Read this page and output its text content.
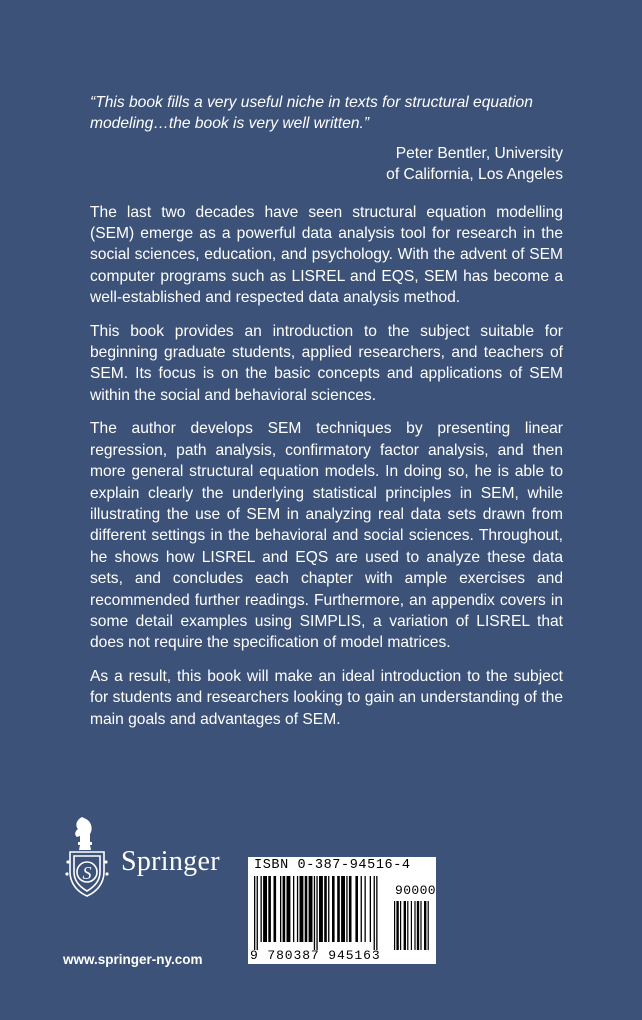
“This book fills a very useful niche in texts for structural equation modeling…the book is very well written.”

Peter Bentler, University
of California, Los Angeles

The last two decades have seen structural equation modelling (SEM) emerge as a powerful data analysis tool for research in the social sciences, education, and psychology. With the advent of SEM computer programs such as LISREL and EQS, SEM has become a well-established and respected data analysis method.

This book provides an introduction to the subject suitable for beginning graduate students, applied researchers, and teachers of SEM. Its focus is on the basic concepts and applications of SEM within the social and behavioral sciences.

The author develops SEM techniques by presenting linear regression, path analysis, confirmatory factor analysis, and then more general structural equation models. In doing so, he is able to explain clearly the underlying statistical principles in SEM, while illustrating the use of SEM in analyzing real data sets drawn from different settings in the behavioral and social sciences. Throughout, he shows how LISREL and EQS are used to analyze these data sets, and concludes each chapter with ample exercises and recommended further readings. Furthermore, an appendix covers in some detail examples using SIMPLIS, a variation of LISREL that does not require the specification of model matrices.

As a result, this book will make an ideal introduction to the subject for students and researchers looking to gain an understanding of the main goals and advantages of SEM.

S Springer
www.springer-ny.com
ISBN 0-387-94516-4
90000
9 780387 945163
